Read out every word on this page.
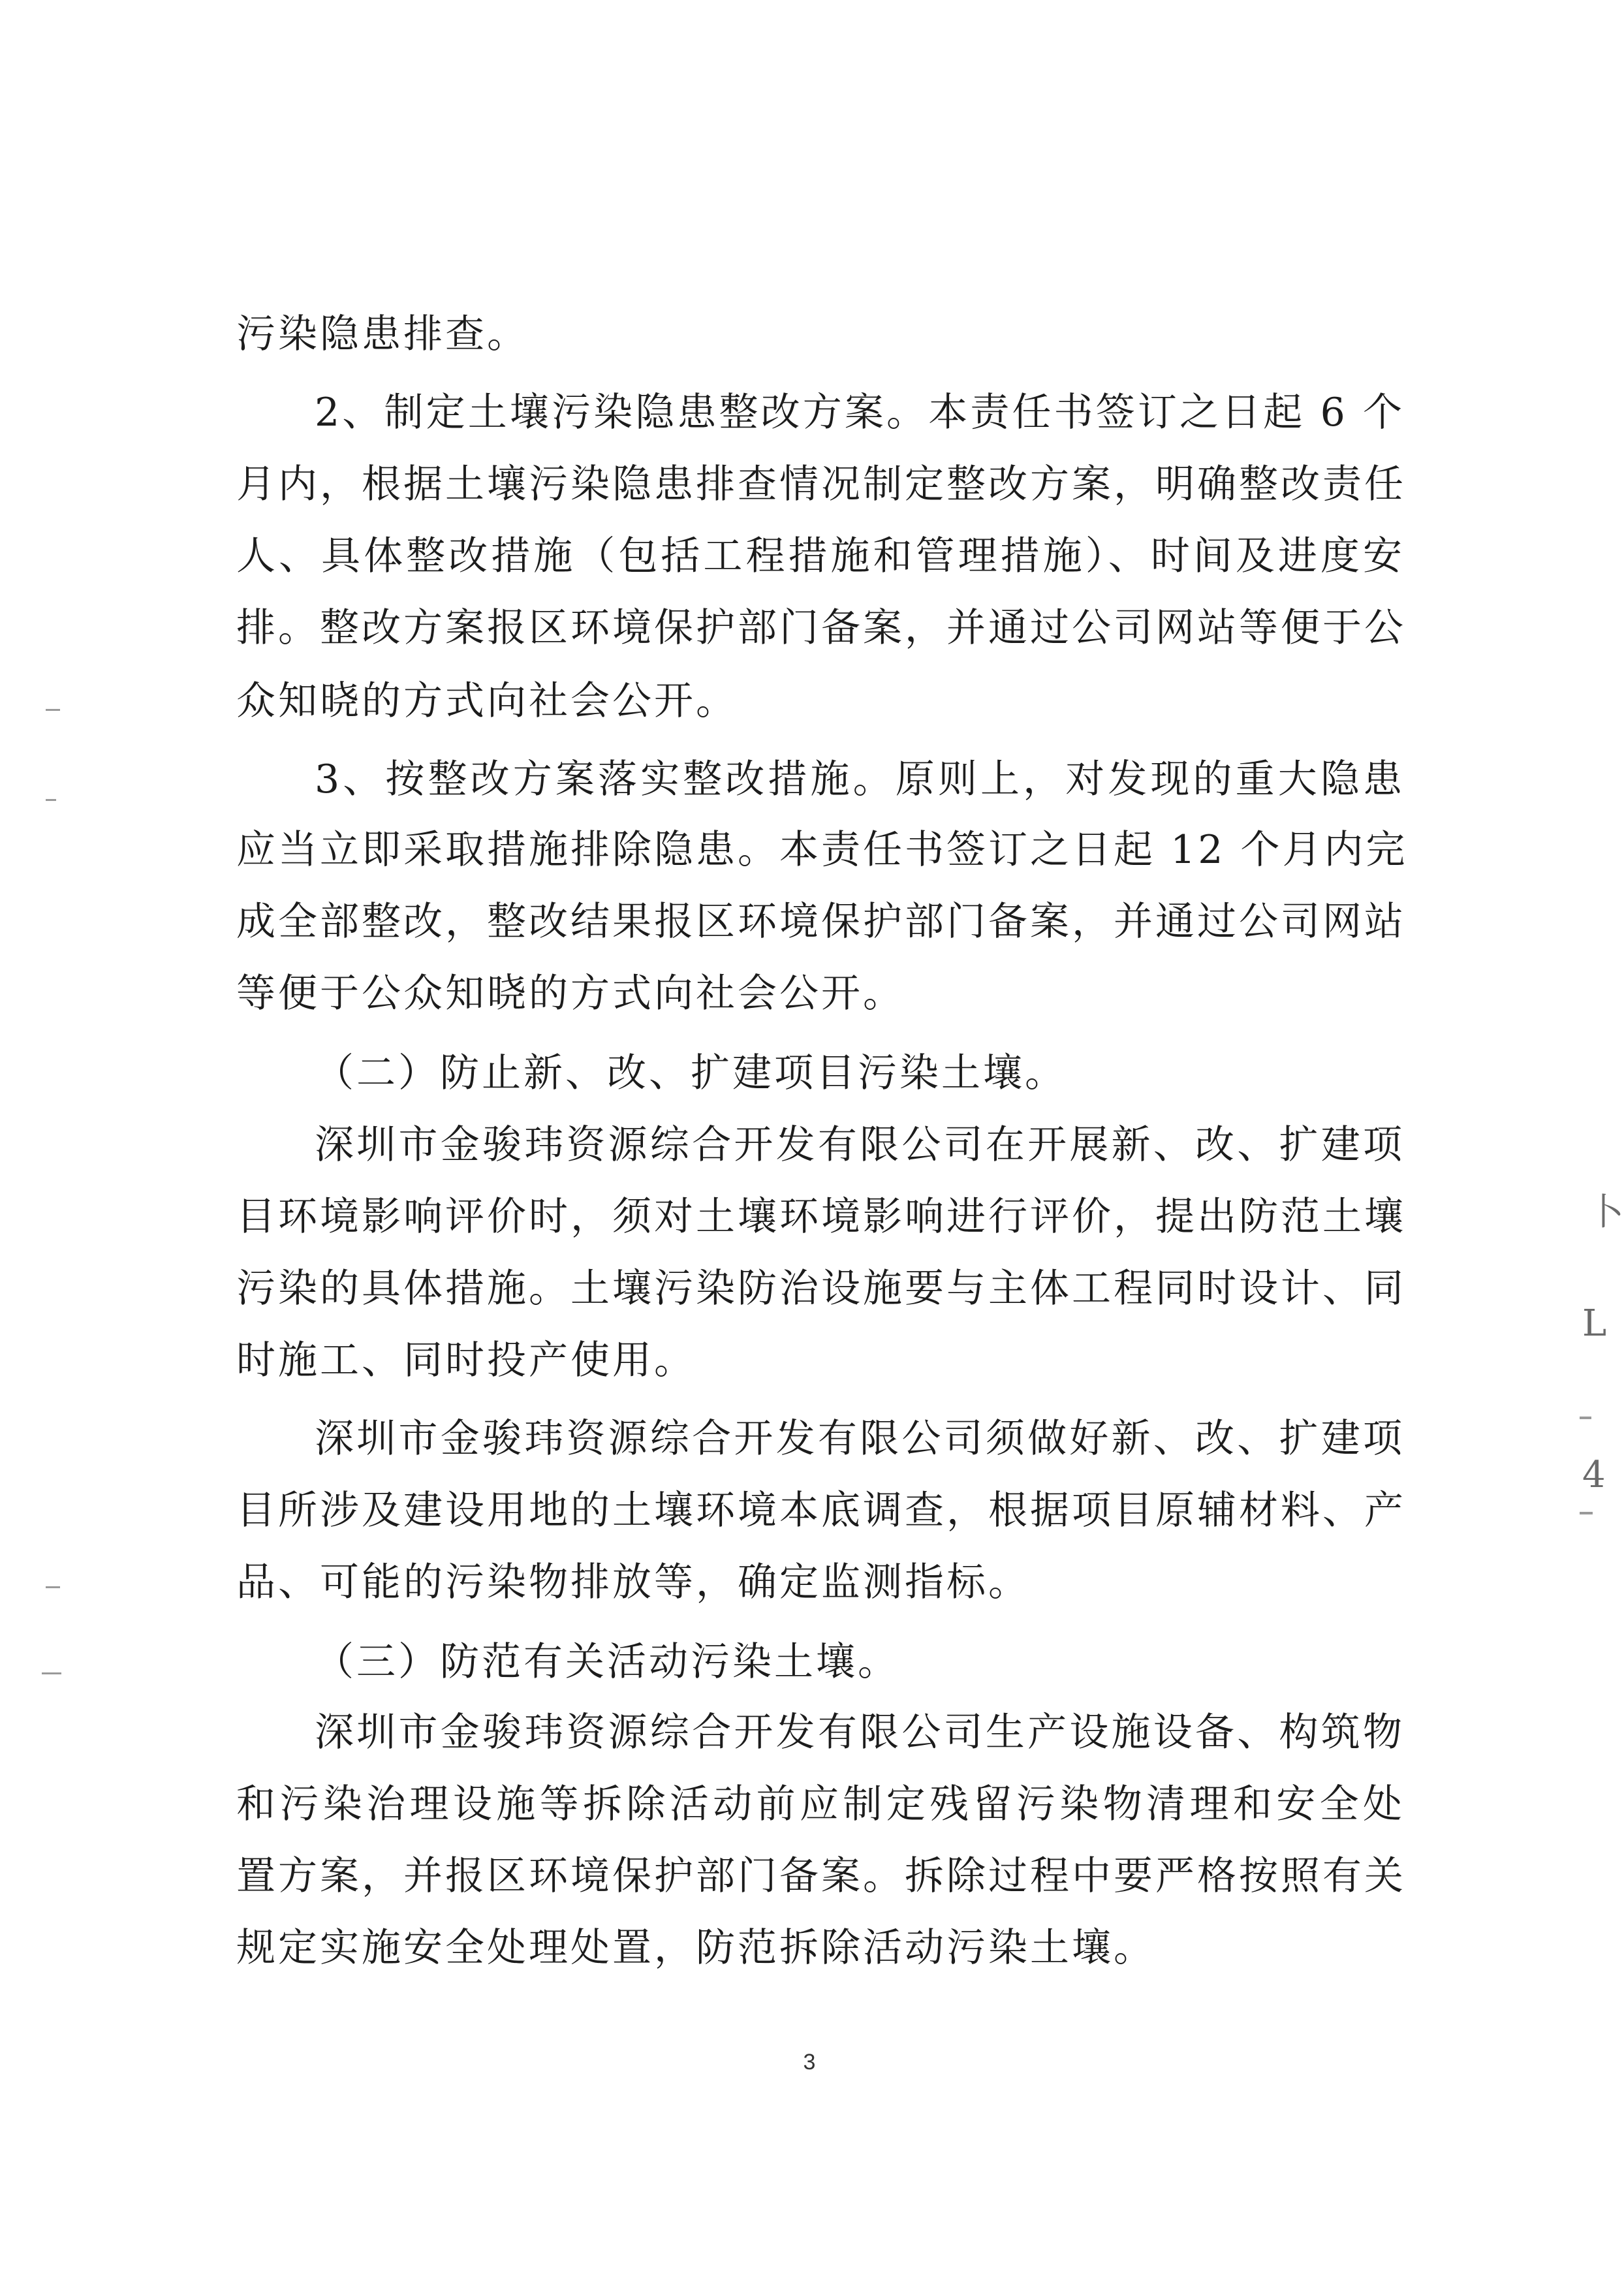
污染隐患排查。
2、制定土壤污染隐患整改方案。本责任书签订之日起 6 个
月内，根据土壤污染隐患排查情况制定整改方案，明确整改责任
人、具体整改措施（包括工程措施和管理措施）、时间及进度安
排。整改方案报区环境保护部门备案，并通过公司网站等便于公
众知晓的方式向社会公开。
3、按整改方案落实整改措施。原则上，对发现的重大隐患
应当立即采取措施排除隐患。本责任书签订之日起 12 个月内完
成全部整改，整改结果报区环境保护部门备案，并通过公司网站
等便于公众知晓的方式向社会公开。
（二）防止新、改、扩建项目污染土壤。
深圳市金骏玮资源综合开发有限公司在开展新、改、扩建项
目环境影响评价时，须对土壤环境影响进行评价，提出防范土壤
污染的具体措施。土壤污染防治设施要与主体工程同时设计、同
时施工、同时投产使用。
深圳市金骏玮资源综合开发有限公司须做好新、改、扩建项
目所涉及建设用地的土壤环境本底调查，根据项目原辅材料、产
品、可能的污染物排放等，确定监测指标。
（三）防范有关活动污染土壤。
深圳市金骏玮资源综合开发有限公司生产设施设备、构筑物
和污染治理设施等拆除活动前应制定残留污染物清理和安全处
置方案，并报区环境保护部门备案。拆除过程中要严格按照有关
规定实施安全处理处置，防范拆除活动污染土壤。
3
卜
L
4
